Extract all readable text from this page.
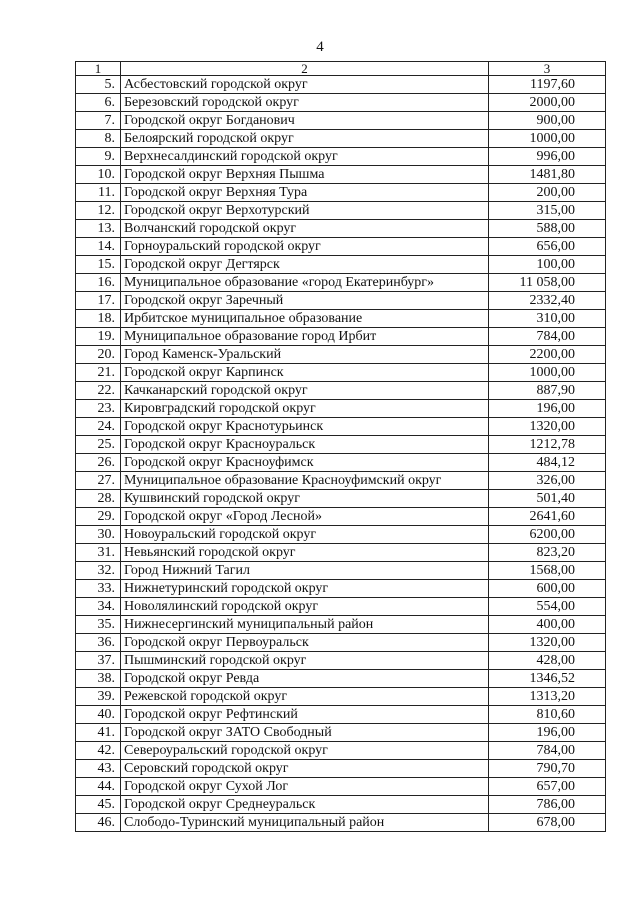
4
1	2	3
5.	Асбестовский городской округ	1197,60
6.	Березовский городской округ	2000,00
7.	Городской округ Богданович	900,00
8.	Белоярский городской округ	1000,00
9.	Верхнесалдинский городской округ	996,00
10.	Городской округ Верхняя Пышма	1481,80
11.	Городской округ Верхняя Тура	200,00
12.	Городской округ Верхотурский	315,00
13.	Волчанский городской округ	588,00
14.	Горноуральский городской округ	656,00
15.	Городской округ Дегтярск	100,00
16.	Муниципальное образование «город Екатеринбург»	11 058,00
17.	Городской округ Заречный	2332,40
18.	Ирбитское муниципальное образование	310,00
19.	Муниципальное образование город Ирбит	784,00
20.	Город Каменск-Уральский	2200,00
21.	Городской округ Карпинск	1000,00
22.	Качканарский городской округ	887,90
23.	Кировградский городской округ	196,00
24.	Городской округ Краснотурьинск	1320,00
25.	Городской округ Красноуральск	1212,78
26.	Городской округ Красноуфимск	484,12
27.	Муниципальное образование Красноуфимский округ	326,00
28.	Кушвинский городской округ	501,40
29.	Городской округ «Город Лесной»	2641,60
30.	Новоуральский городской округ	6200,00
31.	Невьянский городской округ	823,20
32.	Город Нижний Тагил	1568,00
33.	Нижнетуринский городской округ	600,00
34.	Новолялинский городской округ	554,00
35.	Нижнесергинский муниципальный район	400,00
36.	Городской округ Первоуральск	1320,00
37.	Пышминский городской округ	428,00
38.	Городской округ Ревда	1346,52
39.	Режевской городской округ	1313,20
40.	Городской округ Рефтинский	810,60
41.	Городской округ ЗАТО Свободный	196,00
42.	Североуральский городской округ	784,00
43.	Серовский городской округ	790,70
44.	Городской округ Сухой Лог	657,00
45.	Городской округ Среднеуральск	786,00
46.	Слободо-Туринский муниципальный район	678,00
